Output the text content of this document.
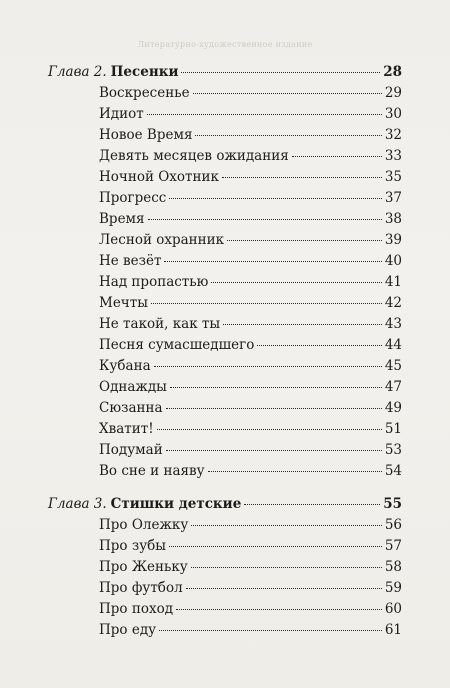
Литературно-художественное издание
Глава 2. Песенки	28
Воскресенье	29
Идиот	30
Новое Время	32
Девять месяцев ожидания	33
Ночной Охотник	35
Прогресс	37
Время	38
Лесной охранник	39
Не везёт	40
Над пропастью	41
Мечты	42
Не такой, как ты	43
Песня сумасшедшего	44
Кубана	45
Однажды	47
Сюзанна	49
Хватит!	51
Подумай	53
Во сне и наяву	54
Глава 3. Стишки детские	55
Про Олежку	56
Про зубы	57
Про Женьку	58
Про футбол	59
Про поход	60
Про еду	61
